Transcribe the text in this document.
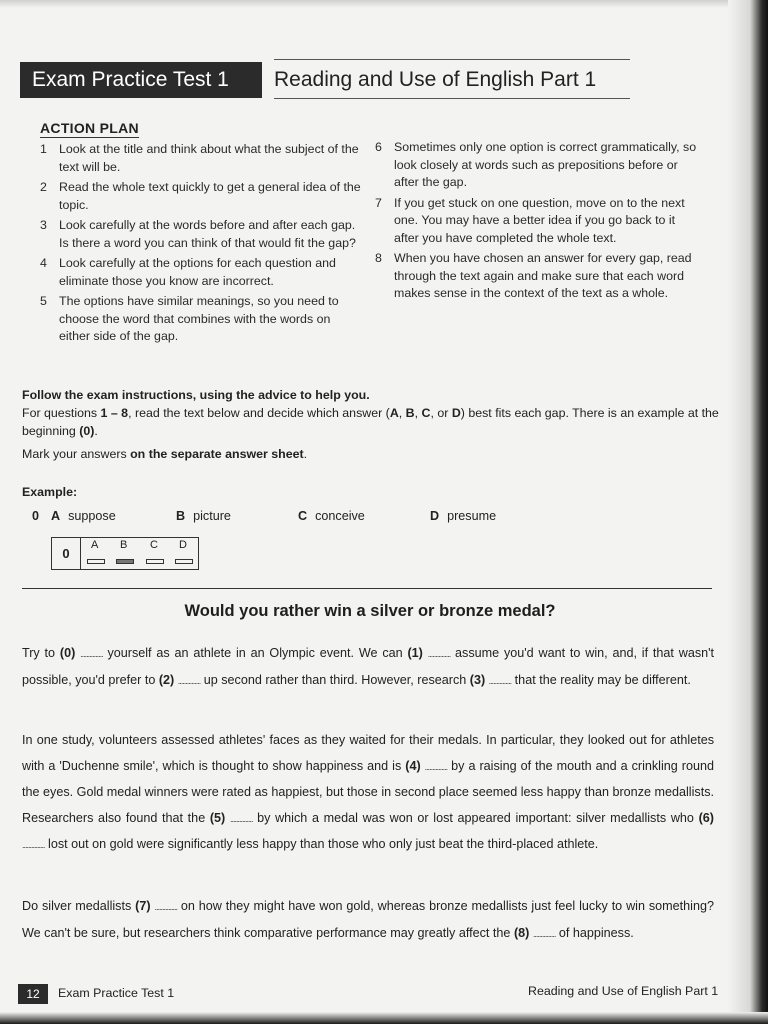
Exam Practice Test 1	Reading and Use of English Part 1
ACTION PLAN
1 Look at the title and think about what the subject of the text will be.
2 Read the whole text quickly to get a general idea of the topic.
3 Look carefully at the words before and after each gap. Is there a word you can think of that would fit the gap?
4 Look carefully at the options for each question and eliminate those you know are incorrect.
5 The options have similar meanings, so you need to choose the word that combines with the words on either side of the gap.
6 Sometimes only one option is correct grammatically, so look closely at words such as prepositions before or after the gap.
7 If you get stuck on one question, move on to the next one. You may have a better idea if you go back to it after you have completed the whole text.
8 When you have chosen an answer for every gap, read through the text again and make sure that each word makes sense in the context of the text as a whole.
Follow the exam instructions, using the advice to help you.
For questions 1 – 8, read the text below and decide which answer (A, B, C, or D) best fits each gap. There is an example at the beginning (0).
Mark your answers on the separate answer sheet.
Example:
0 A suppose	B picture	C conceive	D presume
0
A B C D
Would you rather win a silver or bronze medal?
Try to (0) ............... yourself as an athlete in an Olympic event. We can (1) ............... assume you'd want to win, and, if that wasn't possible, you'd prefer to (2) ............... up second rather than third. However, research (3) ............... that the reality may be different.
In one study, volunteers assessed athletes' faces as they waited for their medals. In particular, they looked out for athletes with a 'Duchenne smile', which is thought to show happiness and is (4) ............... by a raising of the mouth and a crinkling round the eyes. Gold medal winners were rated as happiest, but those in second place seemed less happy than bronze medallists. Researchers also found that the (5) ............... by which a medal was won or lost appeared important: silver medallists who (6) ............... lost out on gold were significantly less happy than those who only just beat the third-placed athlete.
Do silver medallists (7) ............... on how they might have won gold, whereas bronze medallists just feel lucky to win something? We can't be sure, but researchers think comparative performance may greatly affect the (8) ............... of happiness.
12	Exam Practice Test 1	Reading and Use of English Part 1
